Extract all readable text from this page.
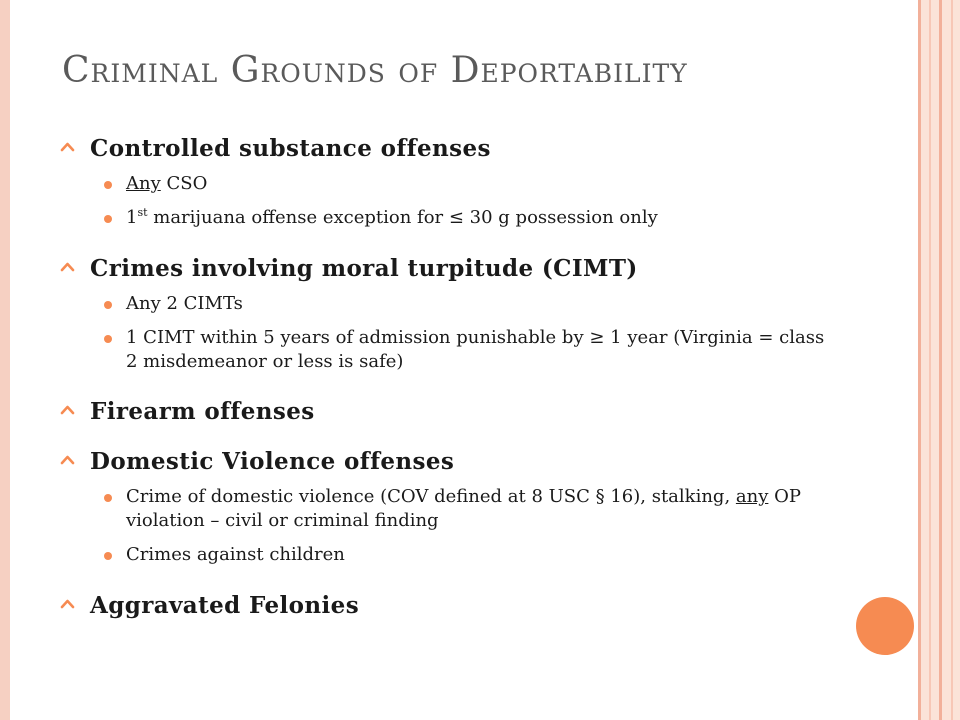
Criminal Grounds of Deportability
Controlled substance offenses
Any CSO
1st marijuana offense exception for ≤ 30 g possession only
Crimes involving moral turpitude (CIMT)
Any 2 CIMTs
1 CIMT within 5 years of admission punishable by ≥ 1 year (Virginia = class 2 misdemeanor or less is safe)
Firearm offenses
Domestic Violence offenses
Crime of domestic violence (COV defined at 8 USC § 16), stalking, any OP violation – civil or criminal finding
Crimes against children
Aggravated Felonies
